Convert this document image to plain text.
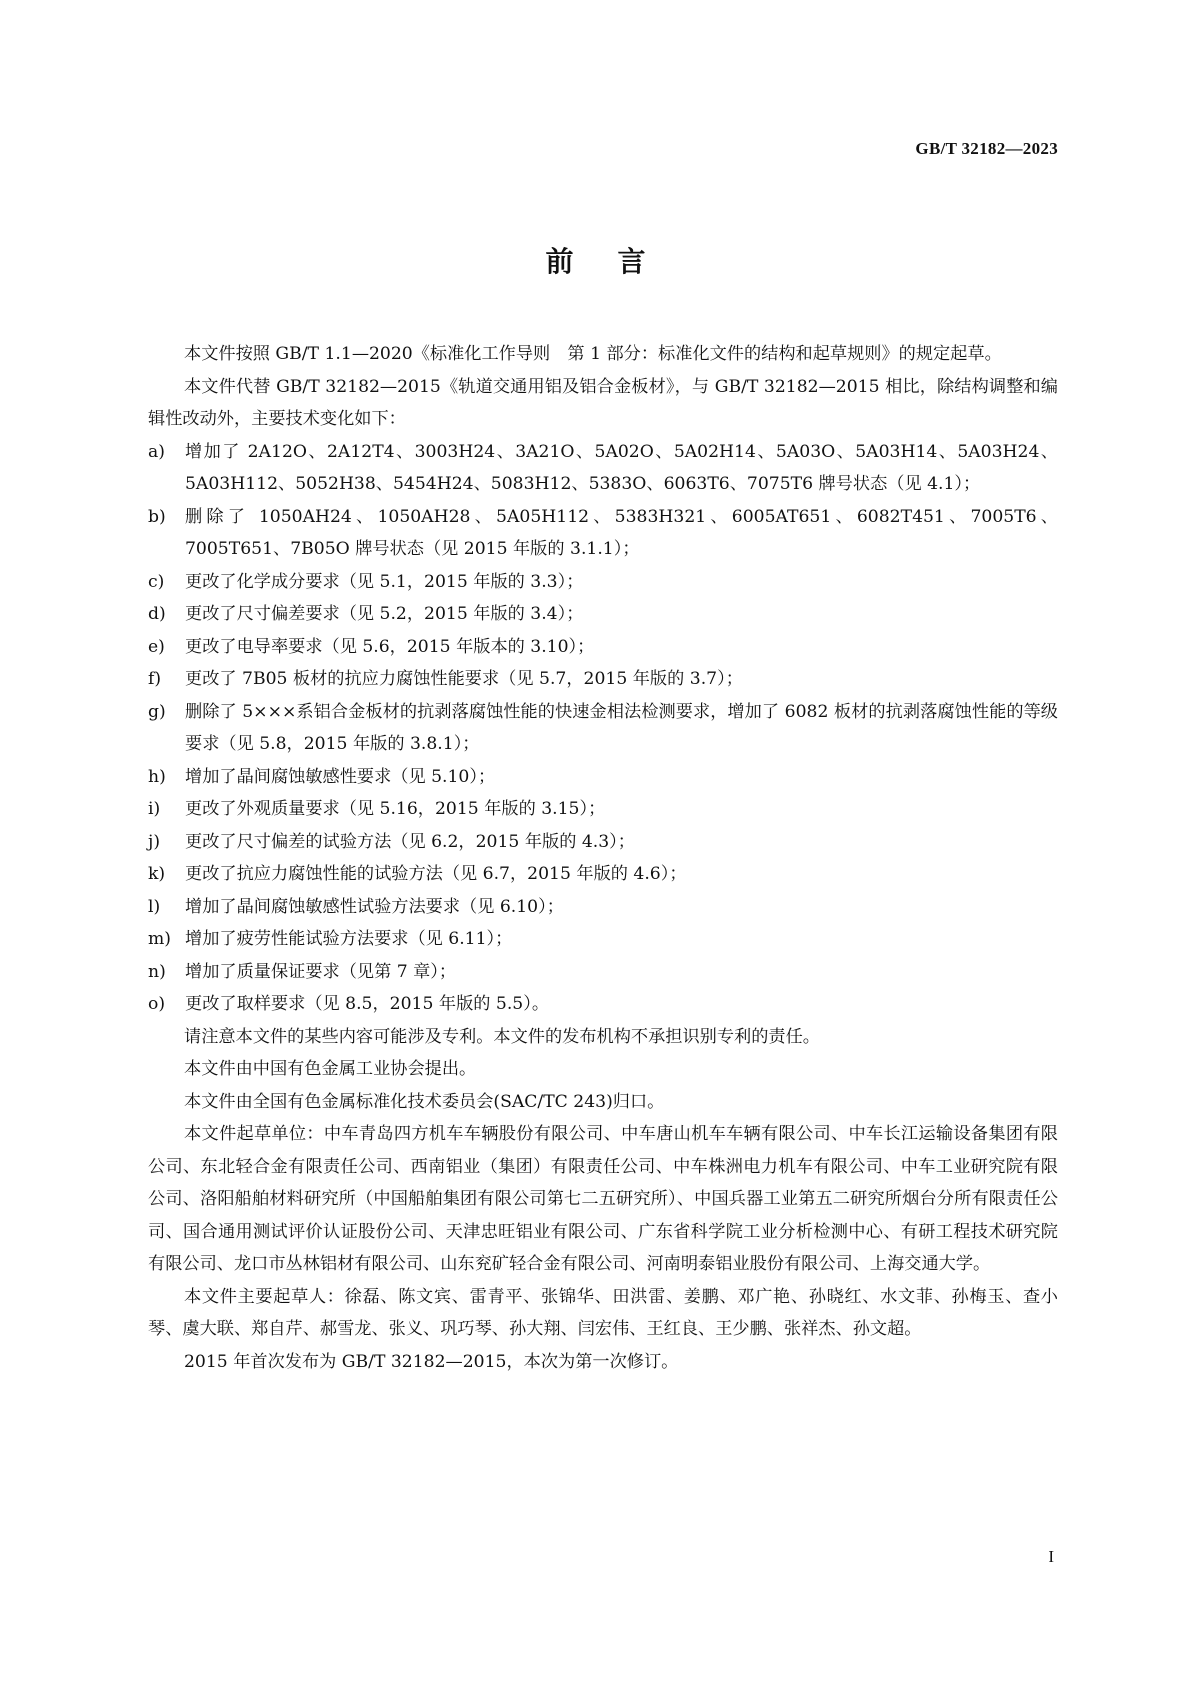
GB/T 32182—2023
前言

本文件按照 GB/T 1.1—2020《标准化工作导则　第 1 部分：标准化文件的结构和起草规则》的规定起草。

本文件代替 GB/T 32182—2015《轨道交通用铝及铝合金板材》，与 GB/T 32182—2015 相比，除结构调整和编辑性改动外，主要技术变化如下：

a)	增加了 2A12O、2A12T4、3003H24、3A21O、5A02O、5A02H14、5A03O、5A03H14、5A03H24、5A03H112、5052H38、5454H24、5083H12、5383O、6063T6、7075T6 牌号状态（见 4.1）；
b)	删除了 1050AH24、1050AH28、5A05H112、5383H321、6005AT651、6082T451、7005T6、7005T651、7B05O 牌号状态（见 2015 年版的 3.1.1）；
c)	更改了化学成分要求（见 5.1，2015 年版的 3.3）；
d)	更改了尺寸偏差要求（见 5.2，2015 年版的 3.4）；
e)	更改了电导率要求（见 5.6，2015 年版本的 3.10）；
f)	更改了 7B05 板材的抗应力腐蚀性能要求（见 5.7，2015 年版的 3.7）；
g)	删除了 5×××系铝合金板材的抗剥落腐蚀性能的快速金相法检测要求，增加了 6082 板材的抗剥落腐蚀性能的等级要求（见 5.8，2015 年版的 3.8.1）；
h)	增加了晶间腐蚀敏感性要求（见 5.10）；
i)	更改了外观质量要求（见 5.16，2015 年版的 3.15）；
j)	更改了尺寸偏差的试验方法（见 6.2，2015 年版的 4.3）；
k)	更改了抗应力腐蚀性能的试验方法（见 6.7，2015 年版的 4.6）；
l)	增加了晶间腐蚀敏感性试验方法要求（见 6.10）；
m) 增加了疲劳性能试验方法要求（见 6.11）；
n)	增加了质量保证要求（见第 7 章）；
o)	更改了取样要求（见 8.5，2015 年版的 5.5）。

请注意本文件的某些内容可能涉及专利。本文件的发布机构不承担识别专利的责任。

本文件由中国有色金属工业协会提出。

本文件由全国有色金属标准化技术委员会(SAC/TC 243)归口。

本文件起草单位：中车青岛四方机车车辆股份有限公司、中车唐山机车车辆有限公司、中车长江运输设备集团有限公司、东北轻合金有限责任公司、西南铝业（集团）有限责任公司、中车株洲电力机车有限公司、中车工业研究院有限公司、洛阳船舶材料研究所（中国船舶集团有限公司第七二五研究所）、中国兵器工业第五二研究所烟台分所有限责任公司、国合通用测试评价认证股份公司、天津忠旺铝业有限公司、广东省科学院工业分析检测中心、有研工程技术研究院有限公司、龙口市丛林铝材有限公司、山东兖矿轻合金有限公司、河南明泰铝业股份有限公司、上海交通大学。

本文件主要起草人：徐磊、陈文宾、雷青平、张锦华、田洪雷、姜鹏、邓广艳、孙晓红、水文菲、孙梅玉、查小琴、虞大联、郑自芹、郝雪龙、张义、巩巧琴、孙大翔、闫宏伟、王红良、王少鹏、张祥杰、孙文超。

2015 年首次发布为 GB/T 32182—2015，本次为第一次修订。

I
